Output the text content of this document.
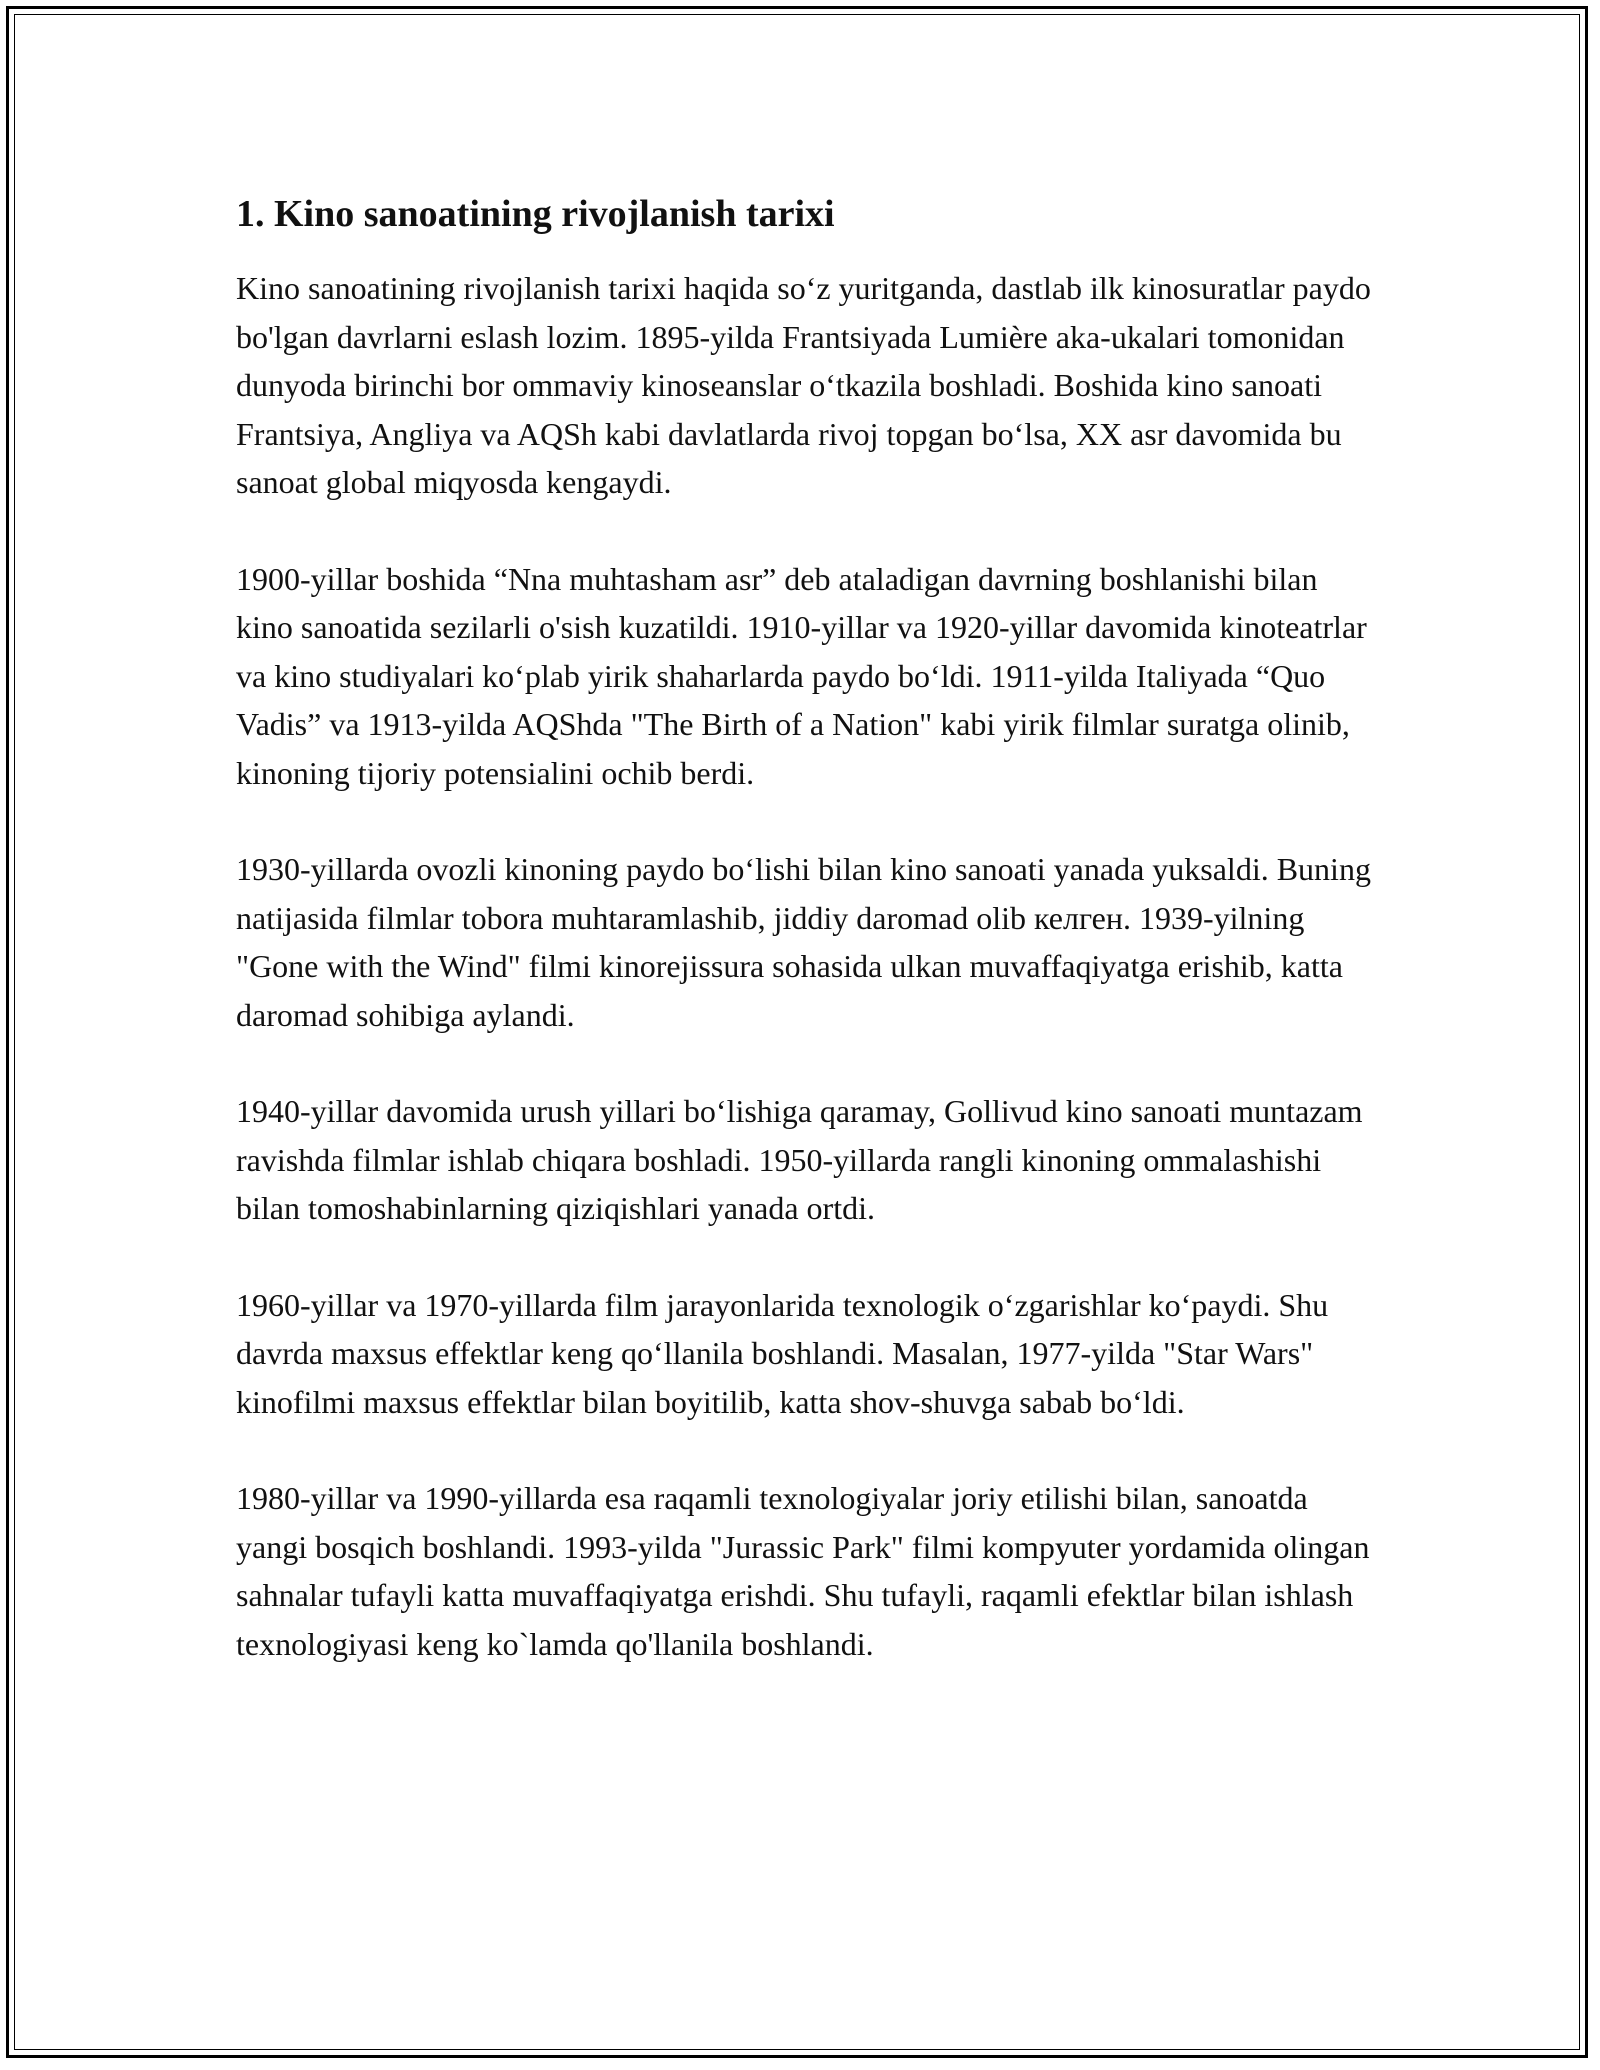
1. Kino sanoatining rivojlanish tarixi

Kino sanoatining rivojlanish tarixi haqida so‘z yuritganda, dastlab ilk kinosuratlar paydo bo'lgan davrlarni eslash lozim. 1895-yilda Frantsiyada Lumière aka-ukalari tomonidan dunyoda birinchi bor ommaviy kinoseanslar o‘tkazila boshladi. Boshida kino sanoati Frantsiya, Angliya va AQSh kabi davlatlarda rivoj topgan bo‘lsa, XX asr davomida bu sanoat global miqyosda kengaydi.

1900-yillar boshida “Nna muhtasham asr” deb ataladigan davrning boshlanishi bilan kino sanoatida sezilarli o'sish kuzatildi. 1910-yillar va 1920-yillar davomida kinoteatrlar va kino studiyalari ko‘plab yirik shaharlarda paydo bo‘ldi. 1911-yilda Italiyada “Quo Vadis” va 1913-yilda AQShda "The Birth of a Nation" kabi yirik filmlar suratga olinib, kinoning tijoriy potensialini ochib berdi.

1930-yillarda ovozli kinoning paydo bo‘lishi bilan kino sanoati yanada yuksaldi. Buning natijasida filmlar tobora muhtaramlashib, jiddiy daromad olib келген. 1939-yilning "Gone with the Wind" filmi kinorejissura sohasida ulkan muvaffaqiyatga erishib, katta daromad sohibiga aylandi.

1940-yillar davomida urush yillari bo‘lishiga qaramay, Gollivud kino sanoati muntazam ravishda filmlar ishlab chiqara boshladi. 1950-yillarda rangli kinoning ommalashishi bilan tomoshabinlarning qiziqishlari yanada ortdi.

1960-yillar va 1970-yillarda film jarayonlarida texnologik o‘zgarishlar ko‘paydi. Shu davrda maxsus effektlar keng qo‘llanila boshlandi. Masalan, 1977-yilda "Star Wars" kinofilmi maxsus effektlar bilan boyitilib, katta shov-shuvga sabab bo‘ldi.

1980-yillar va 1990-yillarda esa raqamli texnologiyalar joriy etilishi bilan, sanoatda yangi bosqich boshlandi. 1993-yilda "Jurassic Park" filmi kompyuter yordamida olingan sahnalar tufayli katta muvaffaqiyatga erishdi. Shu tufayli, raqamli efektlar bilan ishlash texnologiyasi keng ko`lamda qo'llanila boshlandi.
